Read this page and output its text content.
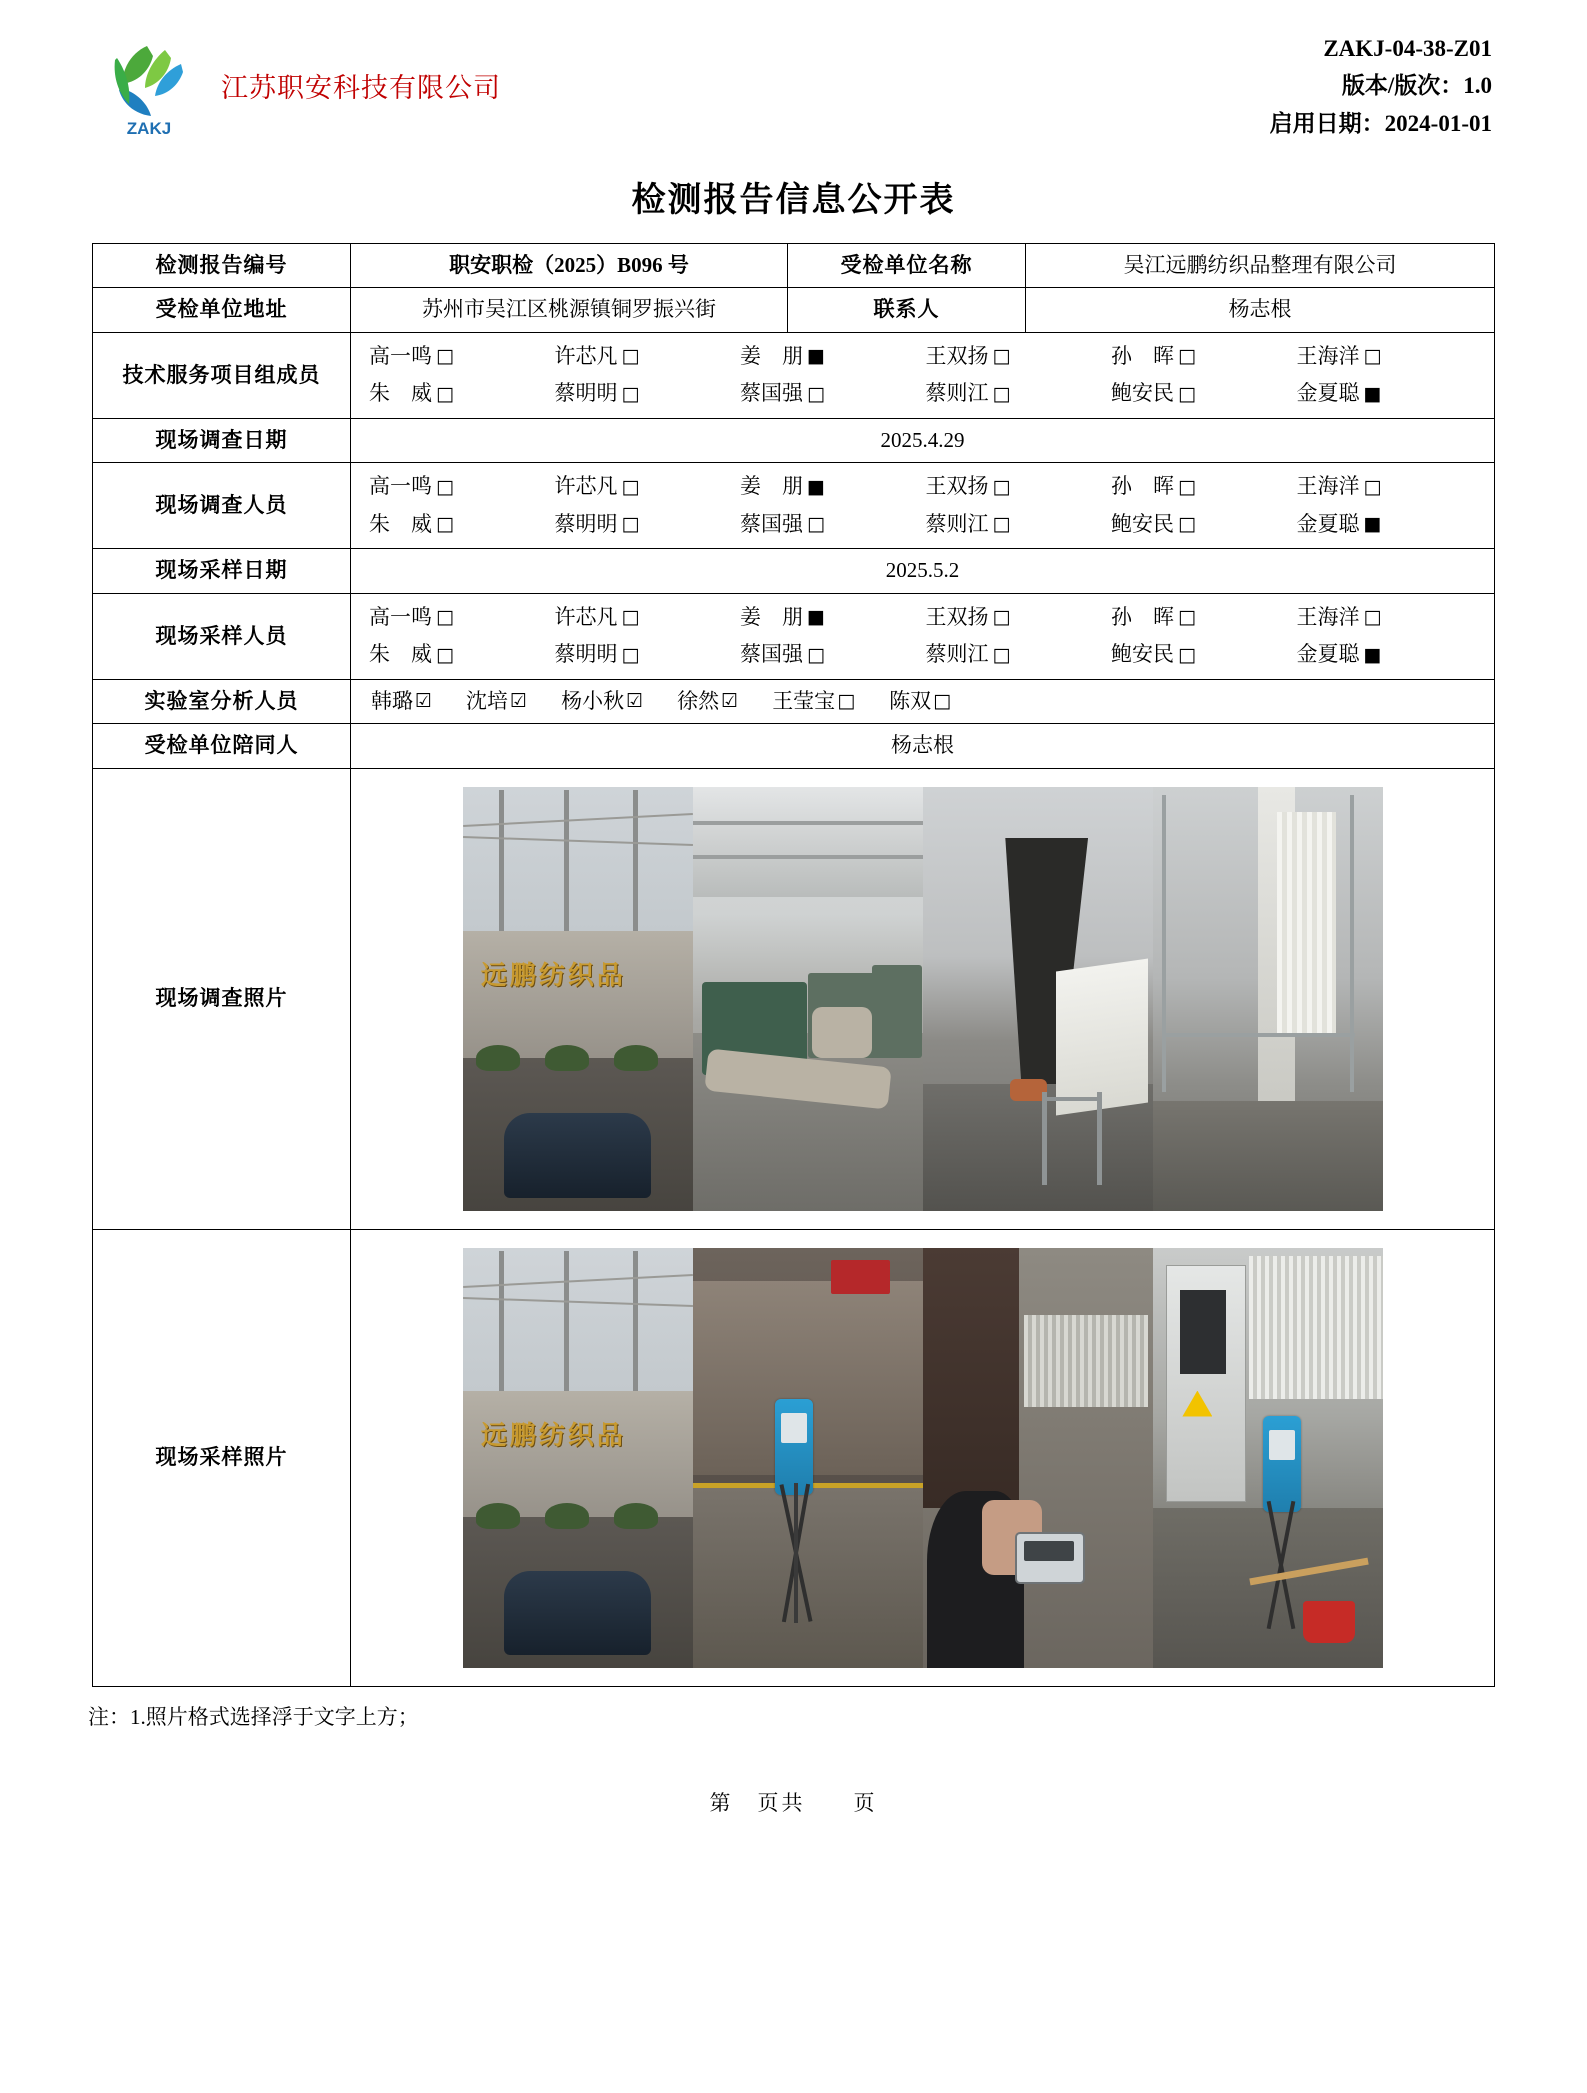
ZAKJ
江苏职安科技有限公司
ZAKJ-04-38-Z01
版本/版次：1.0
启用日期：2024-01-01
检测报告信息公开表
检测报告编号	职安职检（2025）B096 号	受检单位名称	吴江远鹏纺织品整理有限公司
受检单位地址	苏州市吴江区桃源镇铜罗振兴街	联系人	杨志根
技术服务项目组成员	
高一鸣 □	许芯凡 □	姜　朋 ■	王双扬 □	孙　晖 □	王海洋 □
朱　威 □	蔡明明 □	蔡国强 □	蔡则江 □	鲍安民 □	金夏聪 ■

现场调查日期	2025.4.29		
现场调查人员	
高一鸣 □	许芯凡 □	姜　朋 ■	王双扬 □	孙　晖 □	王海洋 □
朱　威 □	蔡明明 □	蔡国强 □	蔡则江 □	鲍安民 □	金夏聪 ■

现场采样日期	2025.5.2		
现场采样人员	
高一鸣 □	许芯凡 □	姜　朋 ■	王双扬 □	孙　晖 □	王海洋 □
朱　威 □	蔡明明 □	蔡国强 □	蔡则江 □	鲍安民 □	金夏聪 ■

实验室分析人员	韩璐 ☑ 沈培 ☑ 杨小秋 ☑ 徐然 ☑ 王莹宝 □ 陈双 □

受检单位陪同人	杨志根		
现场调查照片	远鹏纺织品		

现场采样照片	远鹏纺织品		
注：1.照片格式选择浮于文字上方；
第　页共　　页
